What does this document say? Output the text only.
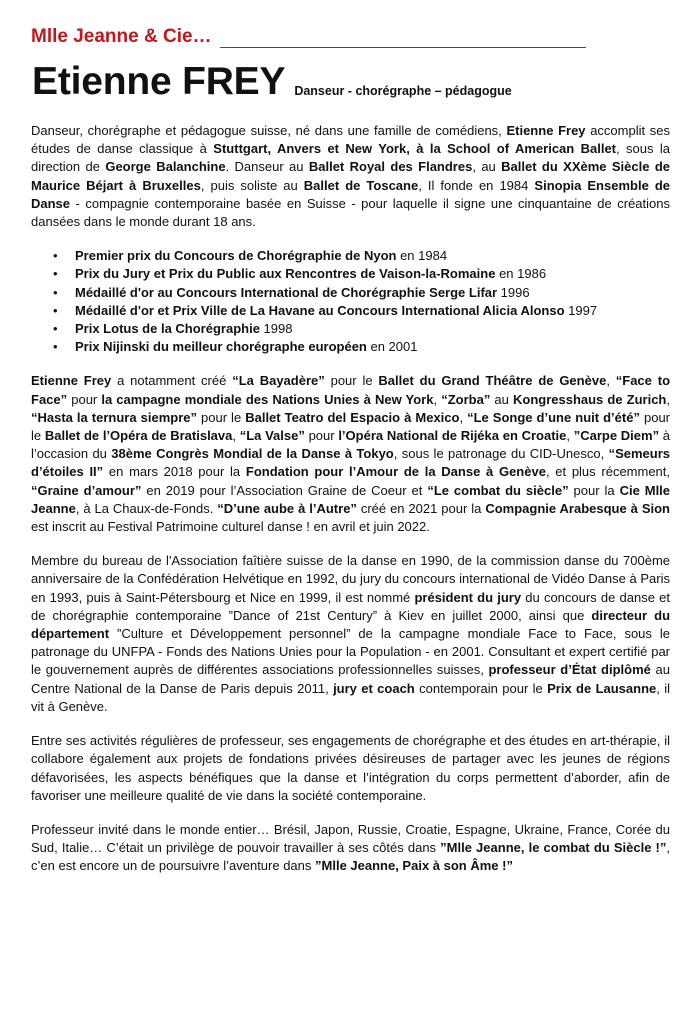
Mlle Jeanne & Cie…
Etienne FREY Danseur - chorégraphe – pédagogue

Danseur, chorégraphe et pédagogue suisse, né dans une famille de comédiens, Etienne Frey accomplit ses études de danse classique à Stuttgart, Anvers et New York, à la School of American Ballet, sous la direction de George Balanchine. Danseur au Ballet Royal des Flandres, au Ballet du XXème Siècle de Maurice Béjart à Bruxelles, puis soliste au Ballet de Toscane, Il fonde en 1984 Sinopia Ensemble de Danse - compagnie contemporaine basée en Suisse - pour laquelle il signe une cinquantaine de créations dansées dans le monde durant 18 ans.

• Premier prix du Concours de Chorégraphie de Nyon en 1984
• Prix du Jury et Prix du Public aux Rencontres de Vaison-la-Romaine en 1986
• Médaillé d'or au Concours International de Chorégraphie Serge Lifar 1996
• Médaillé d'or et Prix Ville de La Havane au Concours International Alicia Alonso 1997
• Prix Lotus de la Chorégraphie 1998
• Prix Nijinski du meilleur chorégraphe européen en 2001

Etienne Frey a notamment créé “La Bayadère” pour le Ballet du Grand Théâtre de Genève, “Face to Face” pour la campagne mondiale des Nations Unies à New York, “Zorba” au Kongresshaus de Zurich, “Hasta la ternura siempre” pour le Ballet Teatro del Espacio à Mexico, “Le Songe d’une nuit d’été” pour le Ballet de l’Opéra de Bratislava, “La Valse” pour l’Opéra National de Rijéka en Croatie, ”Carpe Diem” à l’occasion du 38ème Congrès Mondial de la Danse à Tokyo, sous le patronage du CID-Unesco, “Semeurs d’étoiles II” en mars 2018 pour la Fondation pour l’Amour de la Danse à Genève, et plus récemment, “Graine d’amour” en 2019 pour l’Association Graine de Coeur et “Le combat du siècle” pour la Cie Mlle Jeanne, à La Chaux-de-Fonds. “D’une aube à l’Autre” créé en 2021 pour la Compagnie Arabesque à Sion est inscrit au Festival Patrimoine culturel danse ! en avril et juin 2022.

Membre du bureau de l'Association faîtière suisse de la danse en 1990, de la commission danse du 700ème anniversaire de la Confédération Helvétique en 1992, du jury du concours international de Vidéo Danse à Paris en 1993, puis à Saint-Pétersbourg et Nice en 1999, il est nommé président du jury du concours de danse et de chorégraphie contemporaine ”Dance of 21st Century” à Kiev en juillet 2000, ainsi que directeur du département ”Culture et Développement personnel” de la campagne mondiale Face to Face, sous le patronage du UNFPA - Fonds des Nations Unies pour la Population - en 2001. Consultant et expert certifié par le gouvernement auprès de différentes associations professionnelles suisses, professeur d’État diplômé au Centre National de la Danse de Paris depuis 2011, jury et coach contemporain pour le Prix de Lausanne, il vit à Genève.

Entre ses activités régulières de professeur, ses engagements de chorégraphe et des études en art-thérapie, il collabore également aux projets de fondations privées désireuses de partager avec les jeunes de régions défavorisées, les aspects bénéfiques que la danse et l’intégration du corps permettent d’aborder, afin de favoriser une meilleure qualité de vie dans la société contemporaine.

Professeur invité dans le monde entier… Brésil, Japon, Russie, Croatie, Espagne, Ukraine, France, Corée du Sud, Italie… C’était un privilège de pouvoir travailler à ses côtés dans ”Mlle Jeanne, le combat du Siècle !”, c’en est encore un de poursuivre l’aventure dans ”Mlle Jeanne, Paix à son Âme !”
